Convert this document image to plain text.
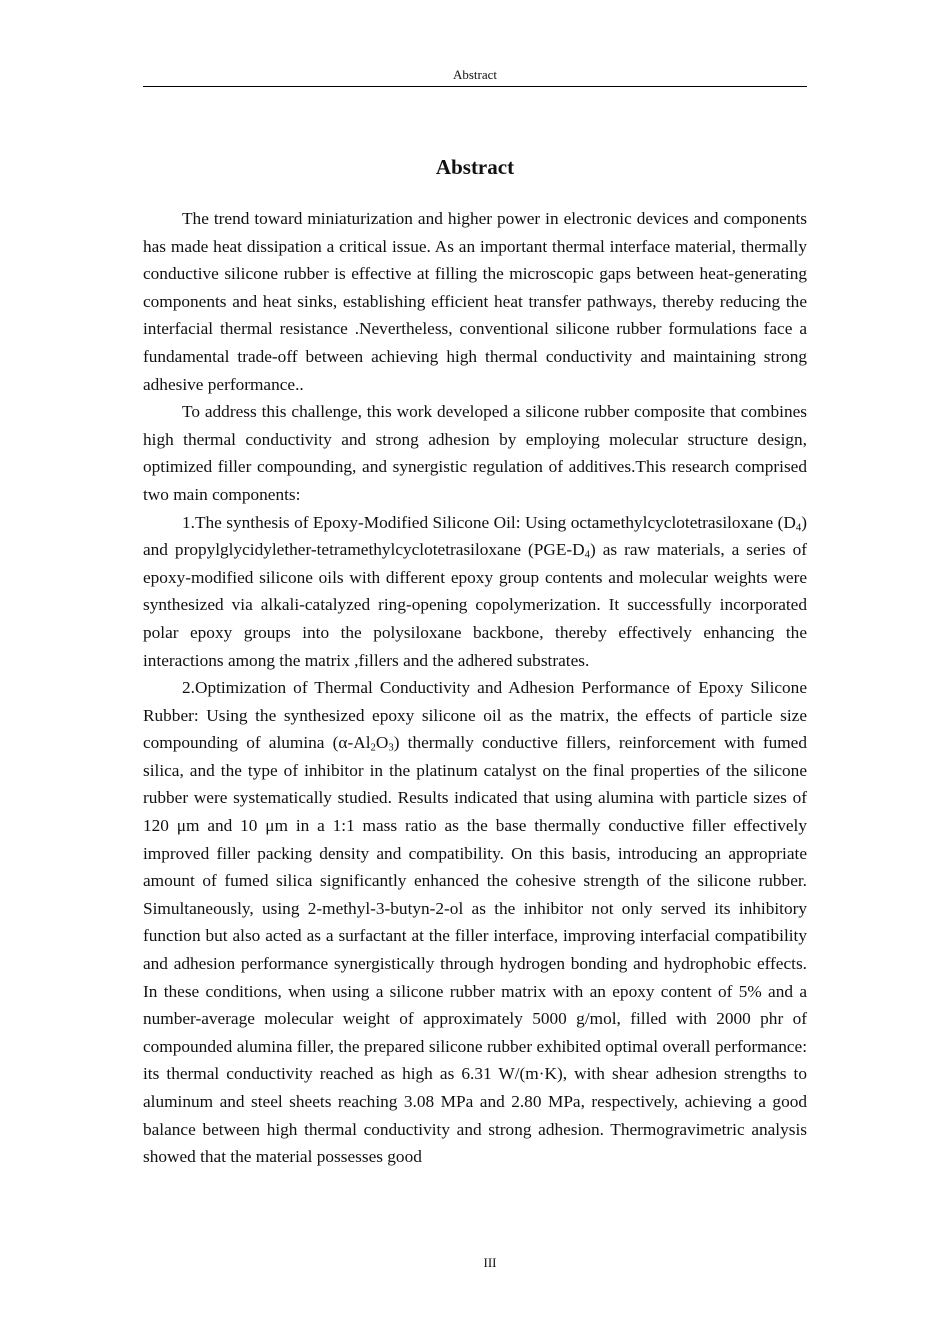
Abstract
Abstract

The trend toward miniaturization and higher power in electronic devices and components has made heat dissipation a critical issue. As an important thermal interface material, thermally conductive silicone rubber is effective at filling the microscopic gaps between heat-generating components and heat sinks, establishing efficient heat transfer pathways, thereby reducing the interfacial thermal resistance .Nevertheless, conventional silicone rubber formulations face a fundamental trade-off between achieving high thermal conductivity and maintaining strong adhesive performance..

To address this challenge, this work developed a silicone rubber composite that combines high thermal conductivity and strong adhesion by employing molecular structure design, optimized filler compounding, and synergistic regulation of additives.This research comprised two main components:

1.The synthesis of Epoxy-Modified Silicone Oil: Using octamethylcyclotetrasiloxane $(D_4)$ and propylglycidylether-tetramethylcyclotetrasiloxane $(PGE-D_4)$ as raw materials, a series of epoxy-modified silicone oils with different epoxy group contents and molecular weights were synthesized via alkali-catalyzed ring-opening copolymerization. It successfully incorporated polar epoxy groups into the polysiloxane backbone, thereby effectively enhancing the interactions among the matrix ,fillers and the adhered substrates.

2.Optimization of Thermal Conductivity and Adhesion Performance of Epoxy Silicone Rubber: Using the synthesized epoxy silicone oil as the matrix, the effects of particle size compounding of alumina $(\alpha-Al_2O_3)$ thermally conductive fillers, reinforcement with fumed silica, and the type of inhibitor in the platinum catalyst on the final properties of the silicone rubber were systematically studied. Results indicated that using alumina with particle sizes of 120 μm and 10 μm in a 1:1 mass ratio as the base thermally conductive filler effectively improved filler packing density and compatibility. On this basis, introducing an appropriate amount of fumed silica significantly enhanced the cohesive strength of the silicone rubber. Simultaneously, using 2-methyl-3-butyn-2-ol as the inhibitor not only served its inhibitory function but also acted as a surfactant at the filler interface, improving interfacial compatibility and adhesion performance synergistically through hydrogen bonding and hydrophobic effects. In these conditions, when using a silicone rubber matrix with an epoxy content of 5% and a number-average molecular weight of approximately 5000 g/mol, filled with 2000 phr of compounded alumina filler, the prepared silicone rubber exhibited optimal overall performance: its thermal conductivity reached as high as 6.31 W/(m·K), with shear adhesion strengths to aluminum and steel sheets reaching 3.08 MPa and 2.80 MPa, respectively, achieving a good balance between high thermal conductivity and strong adhesion. Thermogravimetric analysis showed that the material possesses good

III
